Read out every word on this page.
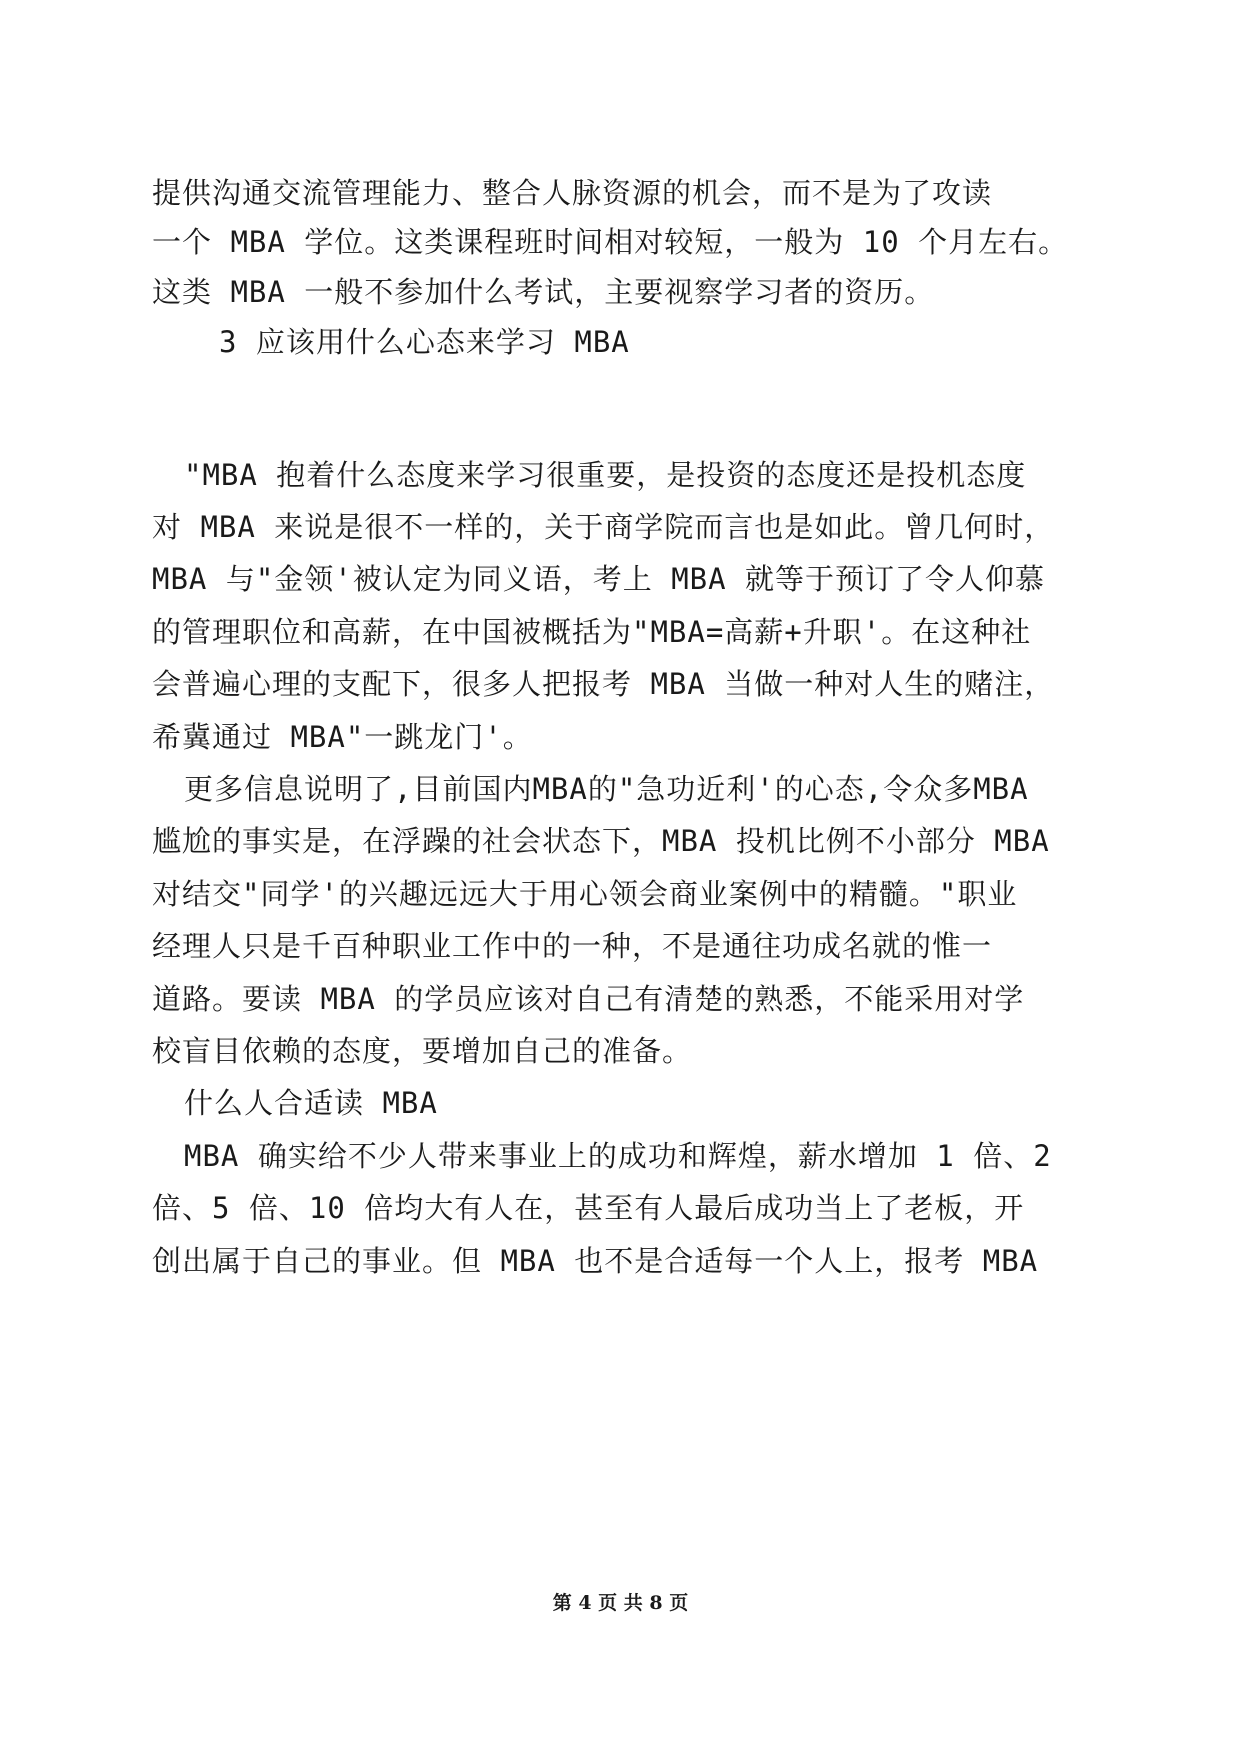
提供沟通交流管理能力、整合人脉资源的机会，而不是为了攻读
一个 MBA 学位。这类课程班时间相对较短，一般为 10 个月左右。
这类 MBA 一般不参加什么考试，主要视察学习者的资历。
3 应该用什么心态来学习 MBA
"MBA 抱着什么态度来学习很重要，是投资的态度还是投机态度
对 MBA 来说是很不一样的，关于商学院而言也是如此。曾几何时，
MBA 与"金领'被认定为同义语，考上 MBA 就等于预订了令人仰慕
的管理职位和高薪，在中国被概括为"MBA=高薪+升职'。在这种社
会普遍心理的支配下，很多人把报考 MBA 当做一种对人生的赌注，
希冀通过 MBA"一跳龙门'。
更多信息说明了,目前国内MBA的"急功近利'的心态,令众多MBA
尴尬的事实是，在浮躁的社会状态下，MBA 投机比例不小部分 MBA
对结交"同学'的兴趣远远大于用心领会商业案例中的精髓。"职业
经理人只是千百种职业工作中的一种，不是通往功成名就的惟一
道路。要读 MBA 的学员应该对自己有清楚的熟悉，不能采用对学
校盲目依赖的态度，要增加自己的准备。
什么人合适读 MBA
MBA 确实给不少人带来事业上的成功和辉煌，薪水增加 1 倍、2
倍、5 倍、10 倍均大有人在，甚至有人最后成功当上了老板，开
创出属于自己的事业。但 MBA 也不是合适每一个人上，报考 MBA
第 4 页 共 8 页
